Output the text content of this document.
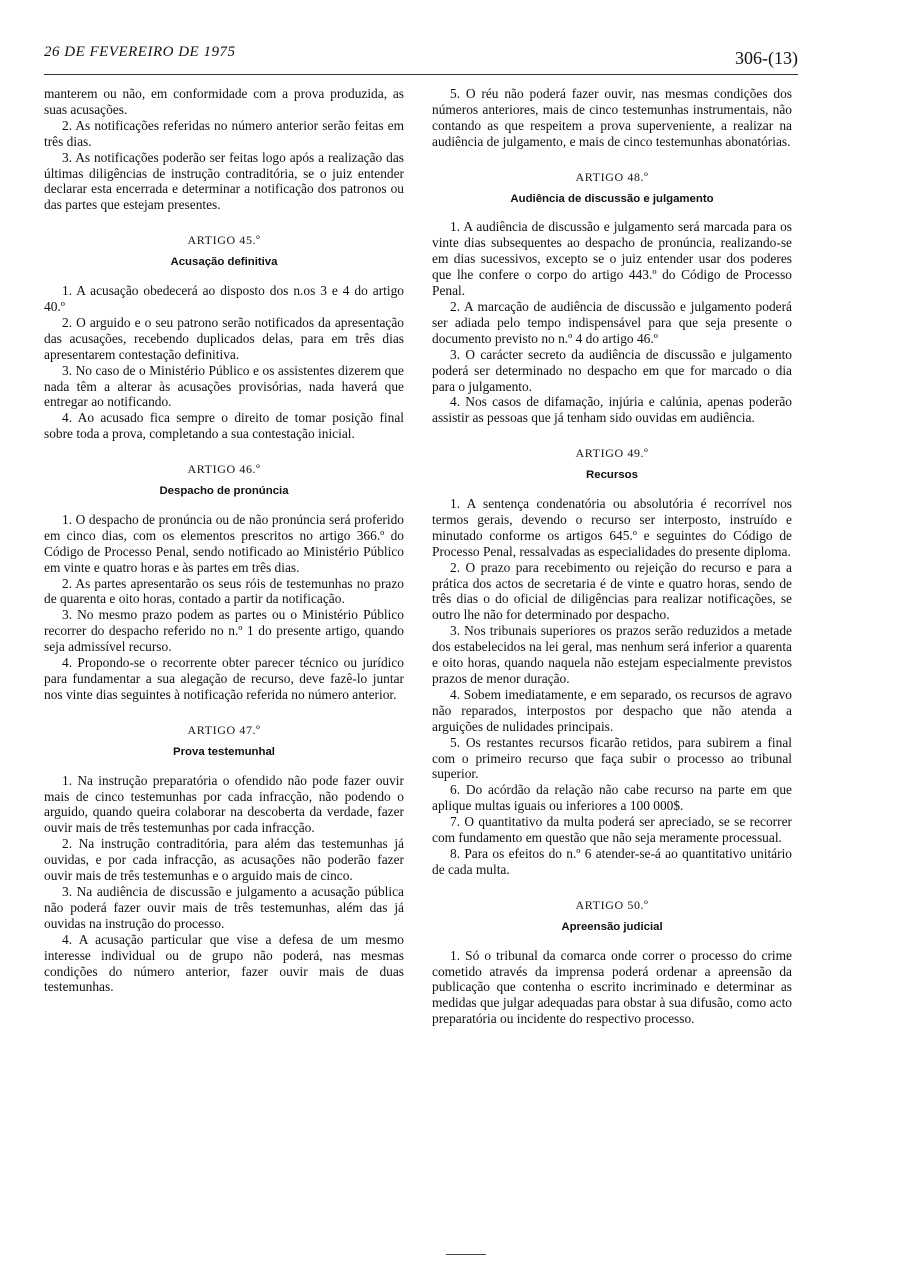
26 DE FEVEREIRO DE 1975	306-(13)

manterem ou não, em conformidade com a prova produzida, as suas acusações.

2. As notificações referidas no número anterior serão feitas em três dias.

3. As notificações poderão ser feitas logo após a realização das últimas diligências de instrução contraditória, se o juiz entender declarar esta encerrada e determinar a notificação dos patronos ou das partes que estejam presentes.

ARTIGO 45.º

Acusação definitiva

1. A acusação obedecerá ao disposto dos n.os 3 e 4 do artigo 40.º

2. O arguido e o seu patrono serão notificados da apresentação das acusações, recebendo duplicados delas, para em três dias apresentarem contestação definitiva.

3. No caso de o Ministério Público e os assistentes dizerem que nada têm a alterar às acusações provisórias, nada haverá que entregar ao notificando.

4. Ao acusado fica sempre o direito de tomar posição final sobre toda a prova, completando a sua contestação inicial.

ARTIGO 46.º

Despacho de pronúncia

1. O despacho de pronúncia ou de não pronúncia será proferido em cinco dias, com os elementos prescritos no artigo 366.º do Código de Processo Penal, sendo notificado ao Ministério Público em vinte e quatro horas e às partes em três dias.

2. As partes apresentarão os seus róis de testemunhas no prazo de quarenta e oito horas, contado a partir da notificação.

3. No mesmo prazo podem as partes ou o Ministério Público recorrer do despacho referido no n.º 1 do presente artigo, quando seja admissível recurso.

4. Propondo-se o recorrente obter parecer técnico ou jurídico para fundamentar a sua alegação de recurso, deve fazê-lo juntar nos vinte dias seguintes à notificação referida no número anterior.

ARTIGO 47.º

Prova testemunhal

1. Na instrução preparatória o ofendido não pode fazer ouvir mais de cinco testemunhas por cada infracção, não podendo o arguido, quando queira colaborar na descoberta da verdade, fazer ouvir mais de três testemunhas por cada infracção.

2. Na instrução contraditória, para além das testemunhas já ouvidas, e por cada infracção, as acusações não poderão fazer ouvir mais de três testemunhas e o arguido mais de cinco.

3. Na audiência de discussão e julgamento a acusação pública não poderá fazer ouvir mais de três testemunhas, além das já ouvidas na instrução do processo.

4. A acusação particular que vise a defesa de um mesmo interesse individual ou de grupo não poderá, nas mesmas condições do número anterior, fazer ouvir mais de duas testemunhas.

5. O réu não poderá fazer ouvir, nas mesmas condições dos números anteriores, mais de cinco testemunhas instrumentais, não contando as que respeitem a prova superveniente, a realizar na audiência de julgamento, e mais de cinco testemunhas abonatórias.

ARTIGO 48.º

Audiência de discussão e julgamento

1. A audiência de discussão e julgamento será marcada para os vinte dias subsequentes ao despacho de pronúncia, realizando-se em dias sucessivos, excepto se o juiz entender usar dos poderes que lhe confere o corpo do artigo 443.º do Código de Processo Penal.

2. A marcação de audiência de discussão e julgamento poderá ser adiada pelo tempo indispensável para que seja presente o documento previsto no n.º 4 do artigo 46.º

3. O carácter secreto da audiência de discussão e julgamento poderá ser determinado no despacho em que for marcado o dia para o julgamento.

4. Nos casos de difamação, injúria e calúnia, apenas poderão assistir as pessoas que já tenham sido ouvidas em audiência.

ARTIGO 49.º

Recursos

1. A sentença condenatória ou absolutória é recorrível nos termos gerais, devendo o recurso ser interposto, instruído e minutado conforme os artigos 645.º e seguintes do Código de Processo Penal, ressalvadas as especialidades do presente diploma.

2. O prazo para recebimento ou rejeição do recurso e para a prática dos actos de secretaria é de vinte e quatro horas, sendo de três dias o do oficial de diligências para realizar notificações, se outro lhe não for determinado por despacho.

3. Nos tribunais superiores os prazos serão reduzidos a metade dos estabelecidos na lei geral, mas nenhum será inferior a quarenta e oito horas, quando naquela não estejam especialmente previstos prazos de menor duração.

4. Sobem imediatamente, e em separado, os recursos de agravo não reparados, interpostos por despacho que não atenda a arguições de nulidades principais.

5. Os restantes recursos ficarão retidos, para subirem a final com o primeiro recurso que faça subir o processo ao tribunal superior.

6. Do acórdão da relação não cabe recurso na parte em que aplique multas iguais ou inferiores a 100 000$.

7. O quantitativo da multa poderá ser apreciado, se se recorrer com fundamento em questão que não seja meramente processual.

8. Para os efeitos do n.º 6 atender-se-á ao quantitativo unitário de cada multa.

ARTIGO 50.º

Apreensão judicial

1. Só o tribunal da comarca onde correr o processo do crime cometido através da imprensa poderá ordenar a apreensão da publicação que contenha o escrito incriminado e determinar as medidas que julgar adequadas para obstar à sua difusão, como acto preparatória ou incidente do respectivo processo.
